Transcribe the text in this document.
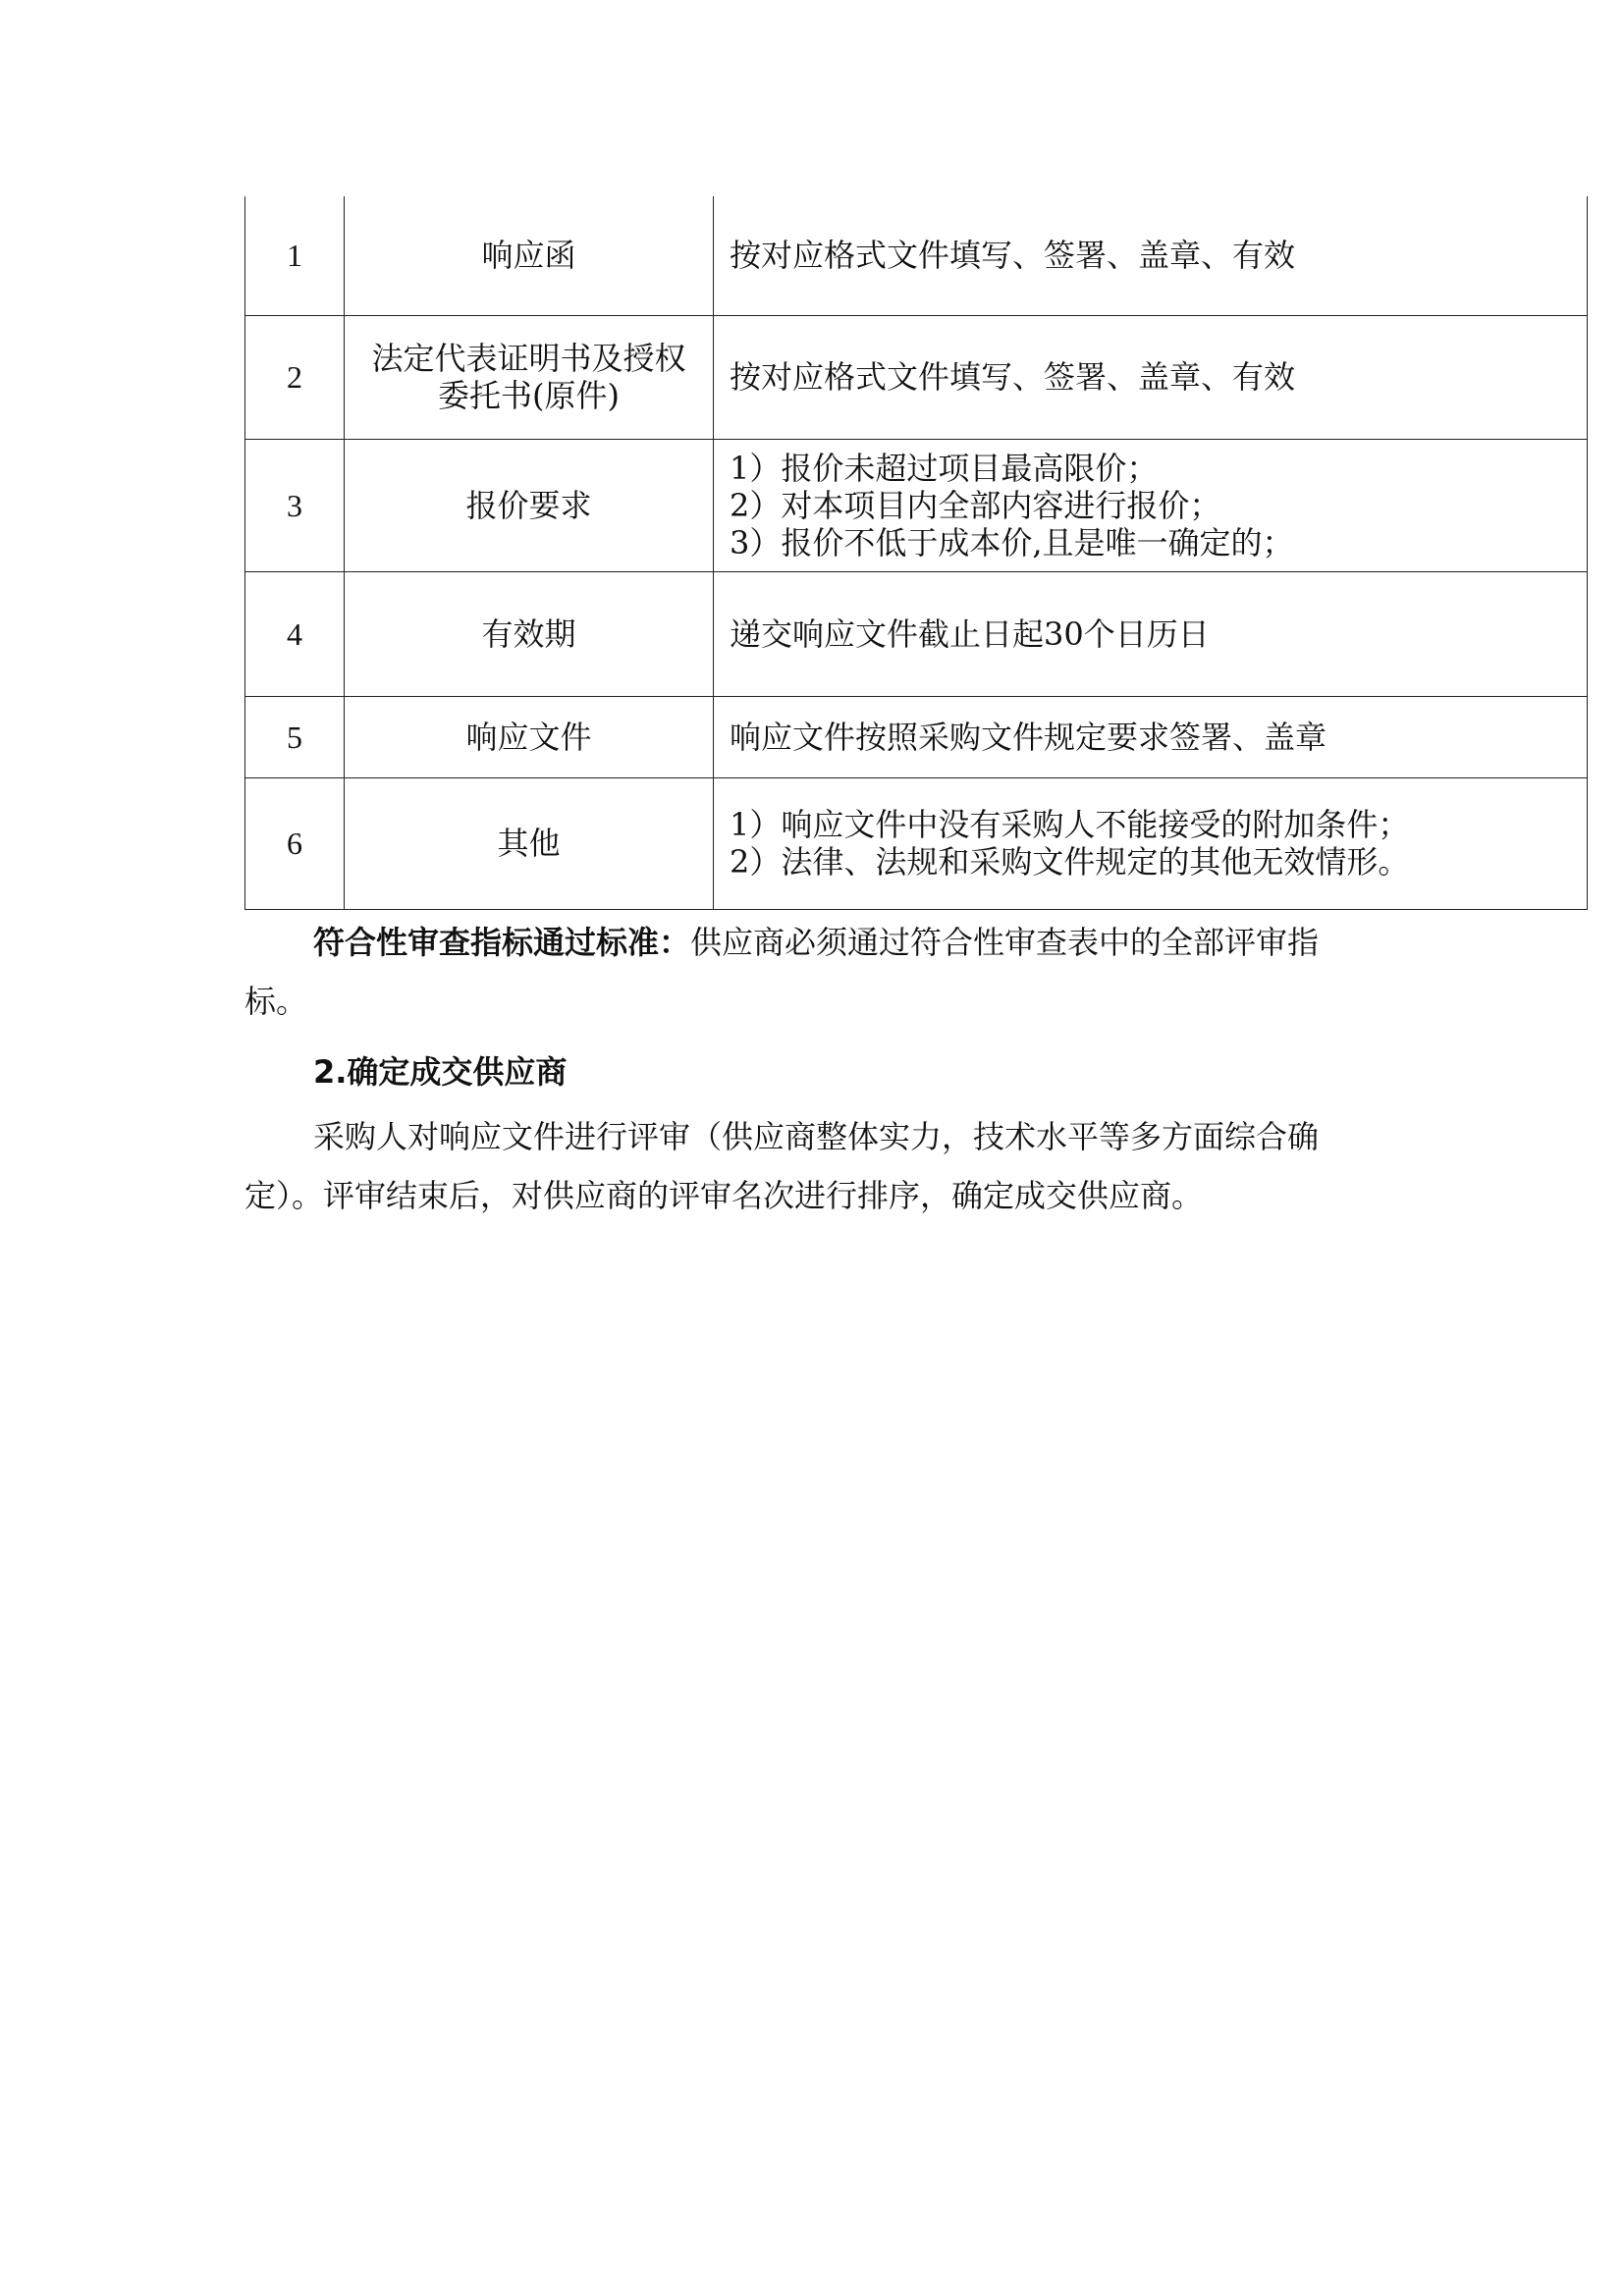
1	响应函	按对应格式文件填写、签署、盖章、有效

2	法定代表证明书及授权委托书(原件)	按对应格式文件填写、签署、盖章、有效

3	报价要求	1）报价未超过项目最高限价；
2）对本项目内全部内容进行报价；
3）报价不低于成本价,且是唯一确定的；

4	有效期	递交响应文件截止日起30个日历日

5	响应文件	响应文件按照采购文件规定要求签署、盖章

6	其他	1）响应文件中没有采购人不能接受的附加条件；
2）法律、法规和采购文件规定的其他无效情形。
符合性审查指标通过标准：供应商必须通过符合性审查表中的全部评审指
标。
2.确定成交供应商
采购人对响应文件进行评审（供应商整体实力，技术水平等多方面综合确
定）。评审结束后，对供应商的评审名次进行排序，确定成交供应商。
